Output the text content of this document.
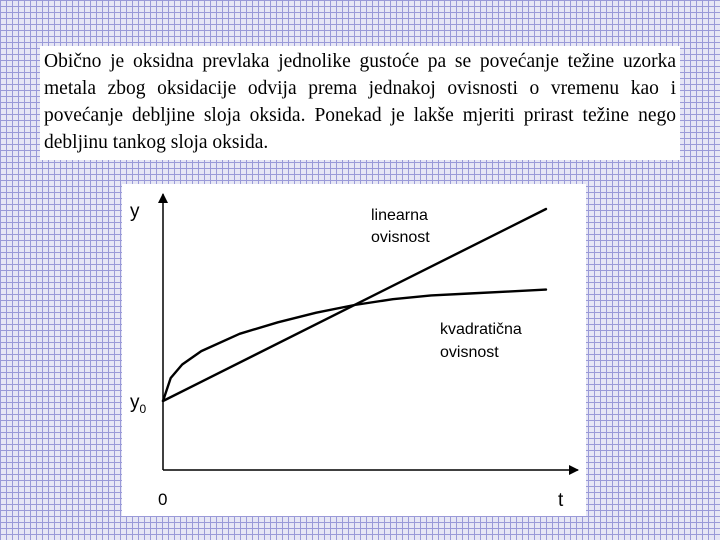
Obično je oksidna prevlaka jednolike gustoće pa se povećanje težine uzorka metala zbog oksidacije odvija prema jednakoj ovisnosti o vremenu kao i povećanje debljine sloja oksida. Ponekad je lakše mjeriti prirast težine nego debljinu tankog sloja oksida.

y
t
0
$y_0$
linearna
ovisnost
kvadratična
ovisnost
